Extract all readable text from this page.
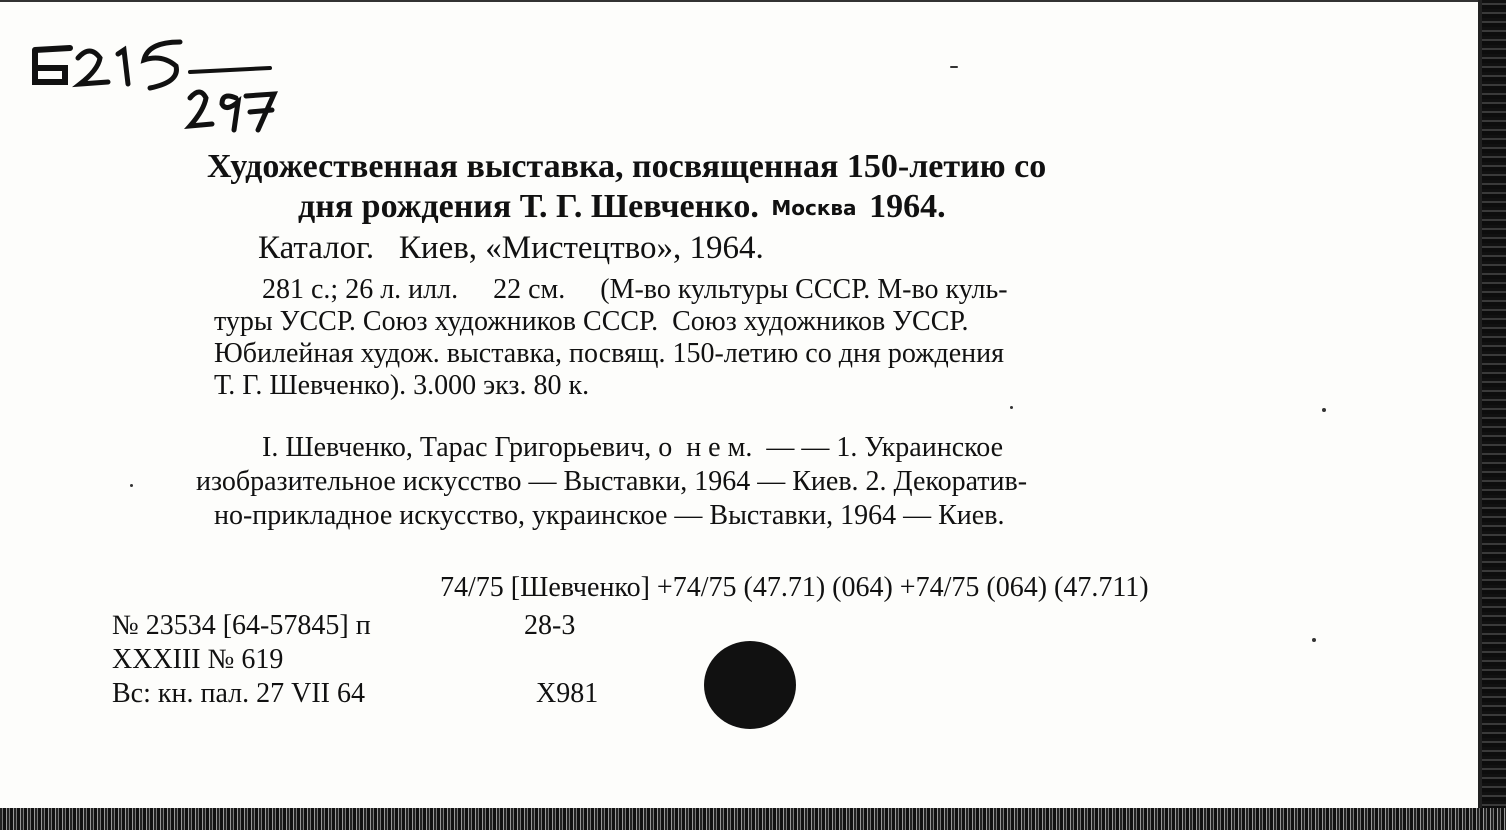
Художественная выставка, посвященная 150-летию со
дня рождения Т. Г. Шевченко. Москва 1964.
Каталог.   Киев, «Мистецтво», 1964.
281 с.; 26 л. илл.     22 см.     (М-во культуры СССР. М-во куль-
туры УССР. Союз художников СССР.  Союз художников УССР.
Юбилейная худож. выставка, посвящ. 150-летию со дня рождения
Т. Г. Шевченко). 3.000 экз. 80 к.
I. Шевченко, Тарас Григорьевич, о  н е м.  — — 1. Украинское
изобразительное искусство — Выставки, 1964 — Киев. 2. Декоратив-
но-прикладное искусство, украинское — Выставки, 1964 — Киев.
74/75 [Шевченко] +74/75 (47.71) (064) +74/75 (064) (47.711)
№ 23534 [64-57845] п	28-3
XXXIII № 619
Вс: кн. пал. 27 VII 64	Х981
